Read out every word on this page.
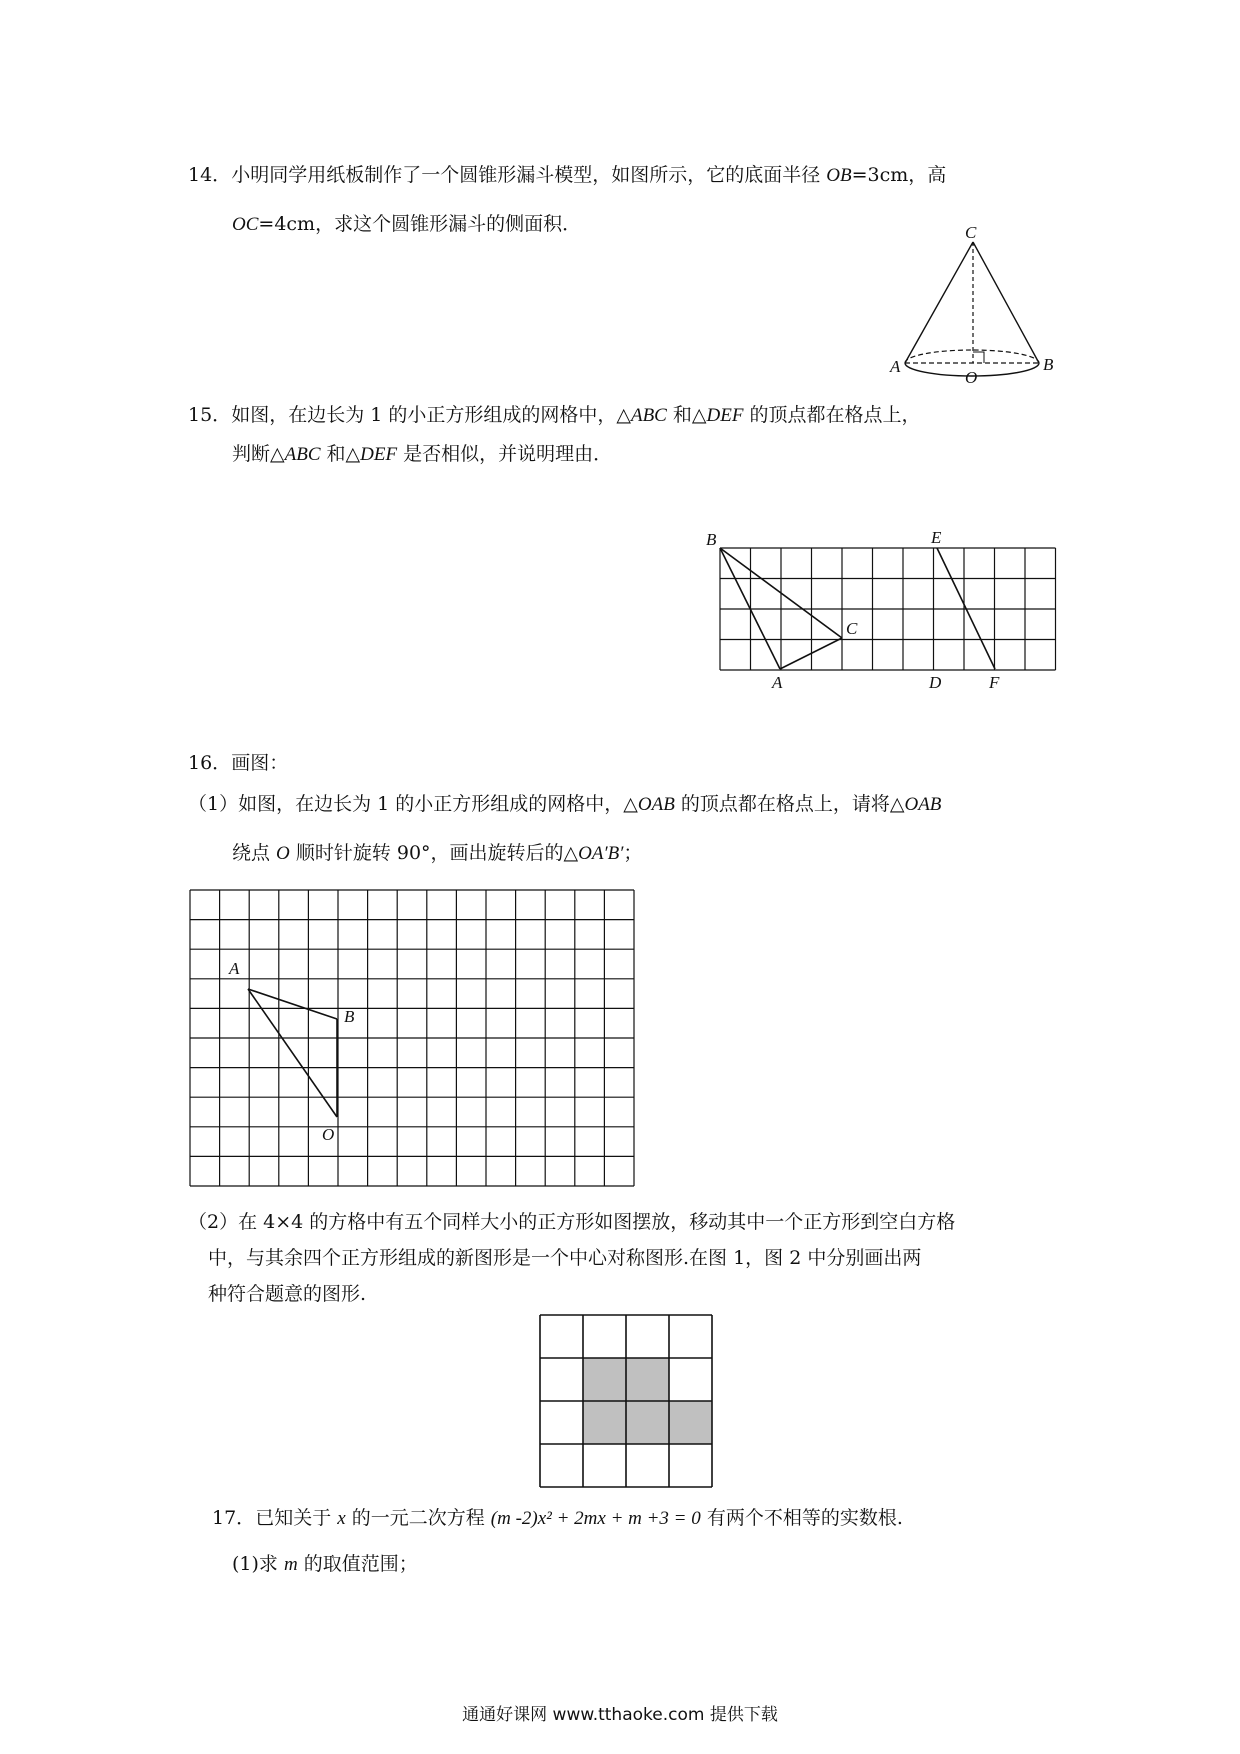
14．小明同学用纸板制作了一个圆锥形漏斗模型，如图所示，它的底面半径 OB=3cm，高
OC=4cm，求这个圆锥形漏斗的侧面积．	C
A
O
B
15．如图，在边长为 1 的小正方形组成的网格中，△ABC 和△DEF 的顶点都在格点上，
判断△ABC 和△DEF 是否相似，并说明理由．
B
C
A
E
D	F
16．画图：
（1）如图，在边长为 1 的小正方形组成的网格中，△OAB 的顶点都在格点上，请将△OAB
绕点 O 顺时针旋转 90°，画出旋转后的△OA′B′；
A
B
O
（2）在 4×4 的方格中有五个同样大小的正方形如图摆放，移动其中一个正方形到空白方格
中，与其余四个正方形组成的新图形是一个中心对称图形.在图 1，图 2 中分别画出两
种符合题意的图形.
17．已知关于 x 的一元二次方程 (m -2)x² + 2mx + m +3 = 0 有两个不相等的实数根.
(1)求 m 的取值范围；
通通好课网 www.tthaoke.com 提供下载
